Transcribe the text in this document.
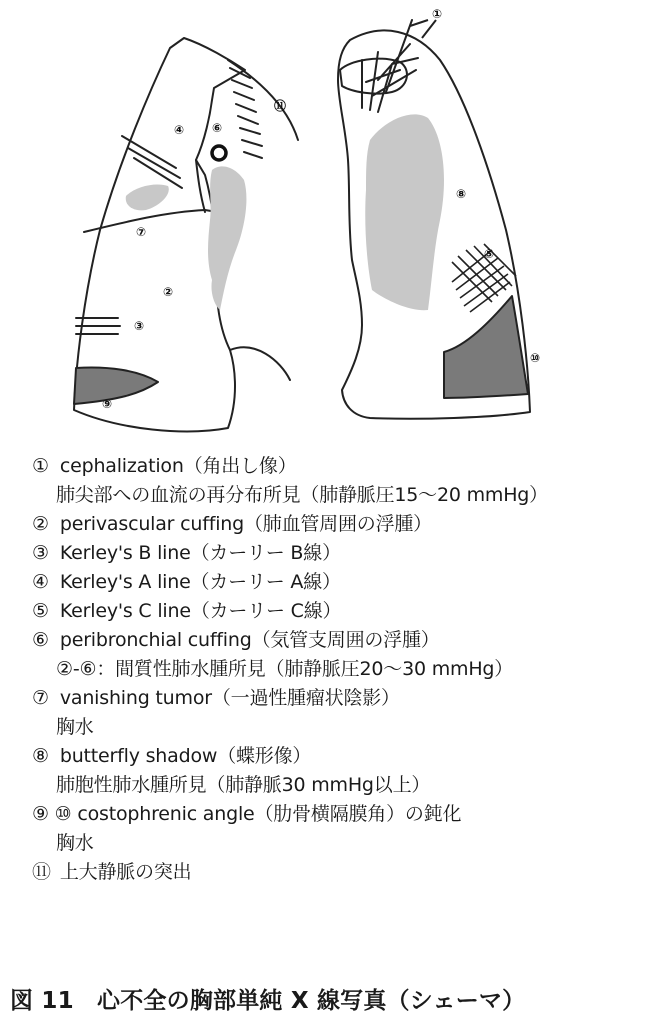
①
②
③
④
⑤
⑥
⑦
⑧
⑨
⑩
⑪
① cephalization（角出し像）
肺尖部への血流の再分布所見（肺静脈圧15～20 mmHg）
② perivascular cuffing（肺血管周囲の浮腫）
③ Kerley's B line（カーリー B線）
④ Kerley's A line（カーリー A線）
⑤ Kerley's C line（カーリー C線）
⑥ peribronchial cuffing（気管支周囲の浮腫）
②-⑥：間質性肺水腫所見（肺静脈圧20～30 mmHg）
⑦ vanishing tumor（一過性腫瘤状陰影）
胸水
⑧ butterfly shadow（蝶形像）
肺胞性肺水腫所見（肺静脈30 mmHg以上）
⑨ ⑩ costophrenic angle（肋骨横隔膜角）の鈍化
胸水
⑪ 上大静脈の突出
図 11　心不全の胸部単純 X 線写真（シェーマ）
